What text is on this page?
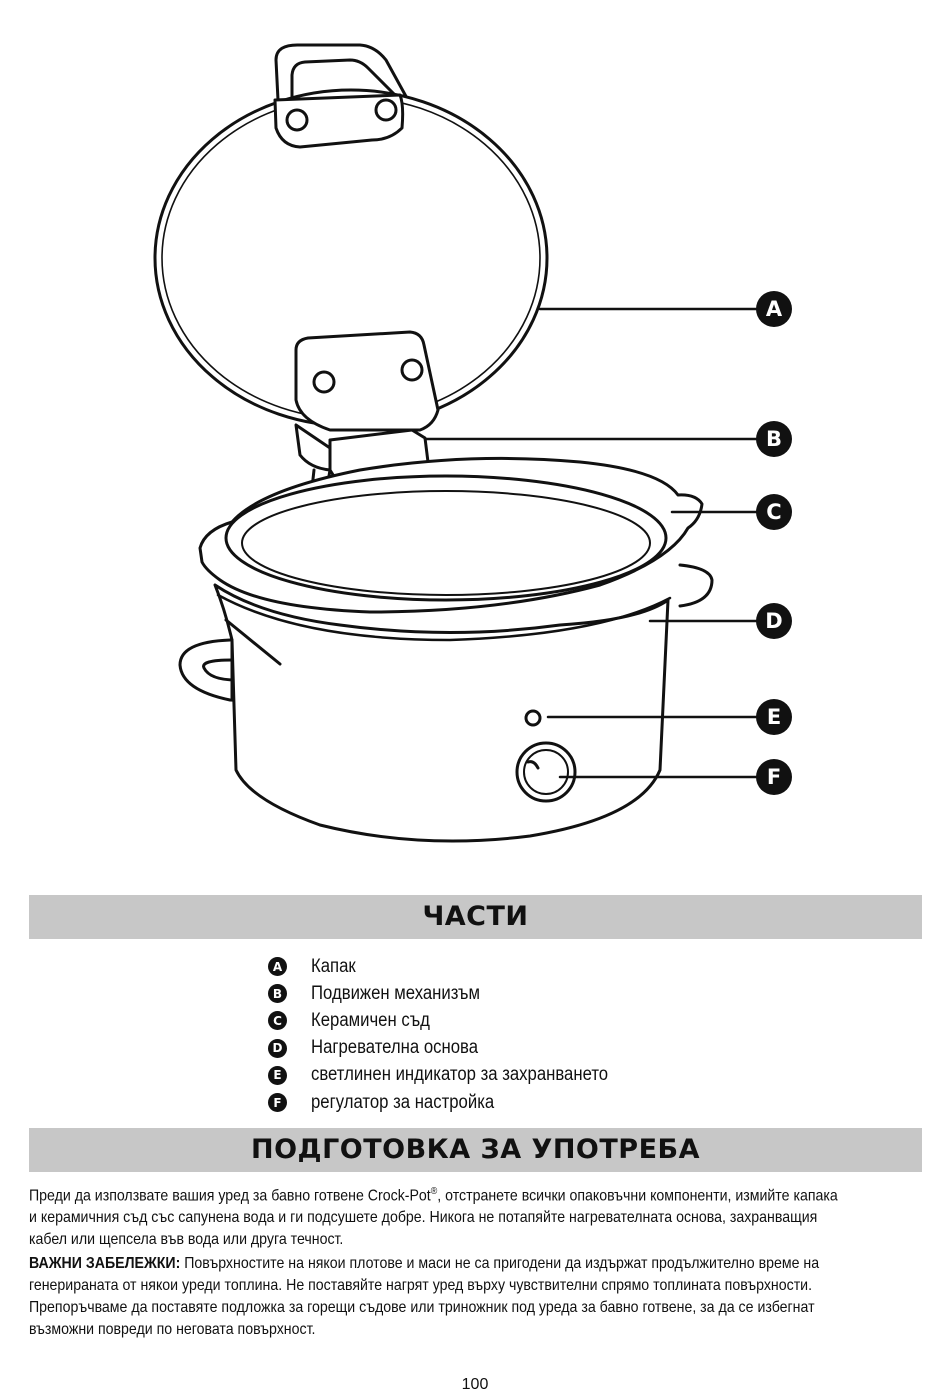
A
B
C
D
E
F
ЧАСТИ
A Капак
B Подвижен механизъм
C Керамичен съд
D Нагревателна основа
E светлинен индикатор за захранването
F регулатор за настройка
ПОДГОТОВКА ЗА УПОТРЕБА

Преди да използвате вашия уред за бавно готвене Crock-Pot®, отстранете всички опаковъчни компоненти, измийте капака и керамичния съд със сапунена вода и ги подсушете добре. Никога не потапяйте нагревателната основа, захранващия кабел или щепсела във вода или друга течност.

ВАЖНИ ЗАБЕЛЕЖКИ: Повърхностите на някои плотове и маси не са пригодени да издържат продължително време на генерираната от някои уреди топлина. Не поставяйте нагрят уред върху чувствителни спрямо топлината повърхности. Препоръчваме да поставяте подложка за горещи съдове или триножник под уреда за бавно готвене, за да се избегнат възможни повреди по неговата повърхност.

100
